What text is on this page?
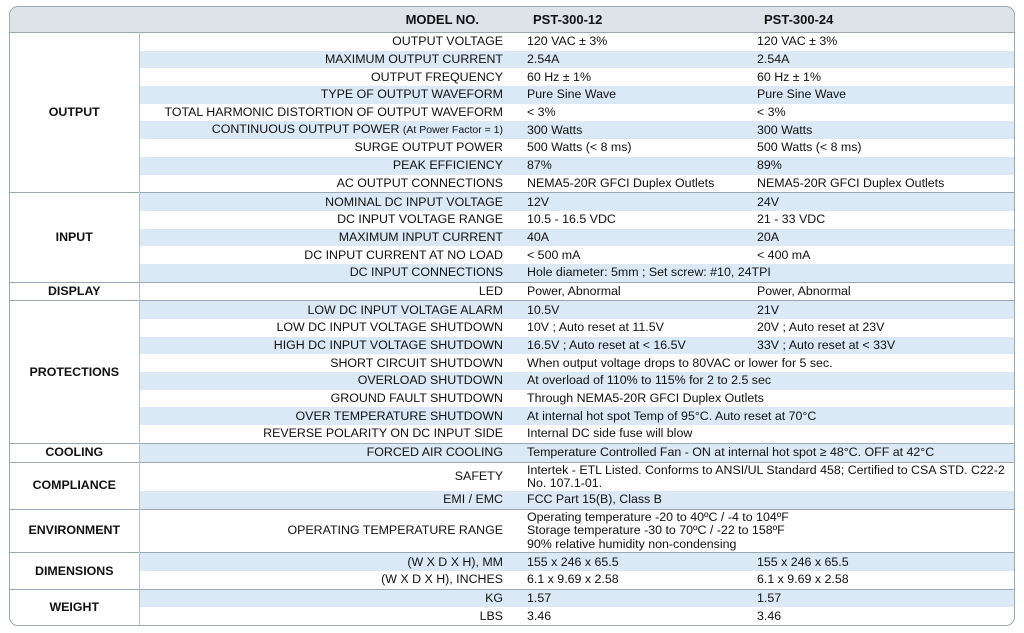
	MODEL NO.	PST-300-12	PST-300-24
OUTPUT	OUTPUT VOLTAGE	120 VAC ± 3%	120 VAC ± 3%
	MAXIMUM OUTPUT CURRENT	2.54A	2.54A
	OUTPUT FREQUENCY	60 Hz ± 1%	60 Hz ± 1%
	TYPE OF OUTPUT WAVEFORM	Pure Sine Wave	Pure Sine Wave
	TOTAL HARMONIC DISTORTION OF OUTPUT WAVEFORM	< 3%	< 3%
	CONTINUOUS OUTPUT POWER (At Power Factor = 1)	300 Watts	300 Watts
	SURGE OUTPUT POWER	500 Watts (< 8 ms)	500 Watts (< 8 ms)
	PEAK EFFICIENCY	87%	89%
	AC OUTPUT CONNECTIONS	NEMA5-20R GFCI Duplex Outlets	NEMA5-20R GFCI Duplex Outlets
INPUT	NOMINAL DC INPUT VOLTAGE	12V	24V
	DC INPUT VOLTAGE RANGE	10.5 - 16.5 VDC	21 - 33 VDC
	MAXIMUM INPUT CURRENT	40A	20A
	DC INPUT CURRENT AT NO LOAD	< 500 mA	< 400 mA
	DC INPUT CONNECTIONS	Hole diameter: 5mm ; Set screw: #10, 24TPI	
DISPLAY	LED	Power, Abnormal	Power, Abnormal
PROTECTIONS	LOW DC INPUT VOLTAGE ALARM	10.5V	21V
	LOW DC INPUT VOLTAGE SHUTDOWN	10V ; Auto reset at 11.5V	20V ; Auto reset at 23V
	HIGH DC INPUT VOLTAGE SHUTDOWN	16.5V ; Auto reset at < 16.5V	33V ; Auto reset at < 33V
	SHORT CIRCUIT SHUTDOWN	When output voltage drops to 80VAC or lower for 5 sec.	
	OVERLOAD SHUTDOWN	At overload of 110% to 115% for 2 to 2.5 sec	
	GROUND FAULT SHUTDOWN	Through NEMA5-20R GFCI Duplex Outlets	
	OVER TEMPERATURE SHUTDOWN	At internal hot spot Temp of 95°C. Auto reset at 70°C	
	REVERSE POLARITY ON DC INPUT SIDE	Internal DC side fuse will blow	
COOLING	FORCED AIR COOLING	Temperature Controlled Fan - ON at internal hot spot ≥ 48°C. OFF at 42°C	
COMPLIANCE	SAFETY	Intertek - ETL Listed. Conforms to ANSI/UL Standard 458; Certified to CSA STD. C22-2 No. 107.1-01.	
	EMI / EMC	FCC Part 15(B), Class B	
ENVIRONMENT	OPERATING TEMPERATURE RANGE	Operating temperature -20 to 40ºC / -4 to 104ºF
Storage temperature -30 to 70ºC / -22 to 158ºF
90% relative humidity non-condensing	

DIMENSIONS	(W X D X H), MM	155 x 246 x 65.5	155 x 246 x 65.5
	(W X D X H), INCHES	6.1 x 9.69 x 2.58	6.1 x 9.69 x 2.58
WEIGHT	KG	1.57	1.57
	LBS	3.46	3.46
